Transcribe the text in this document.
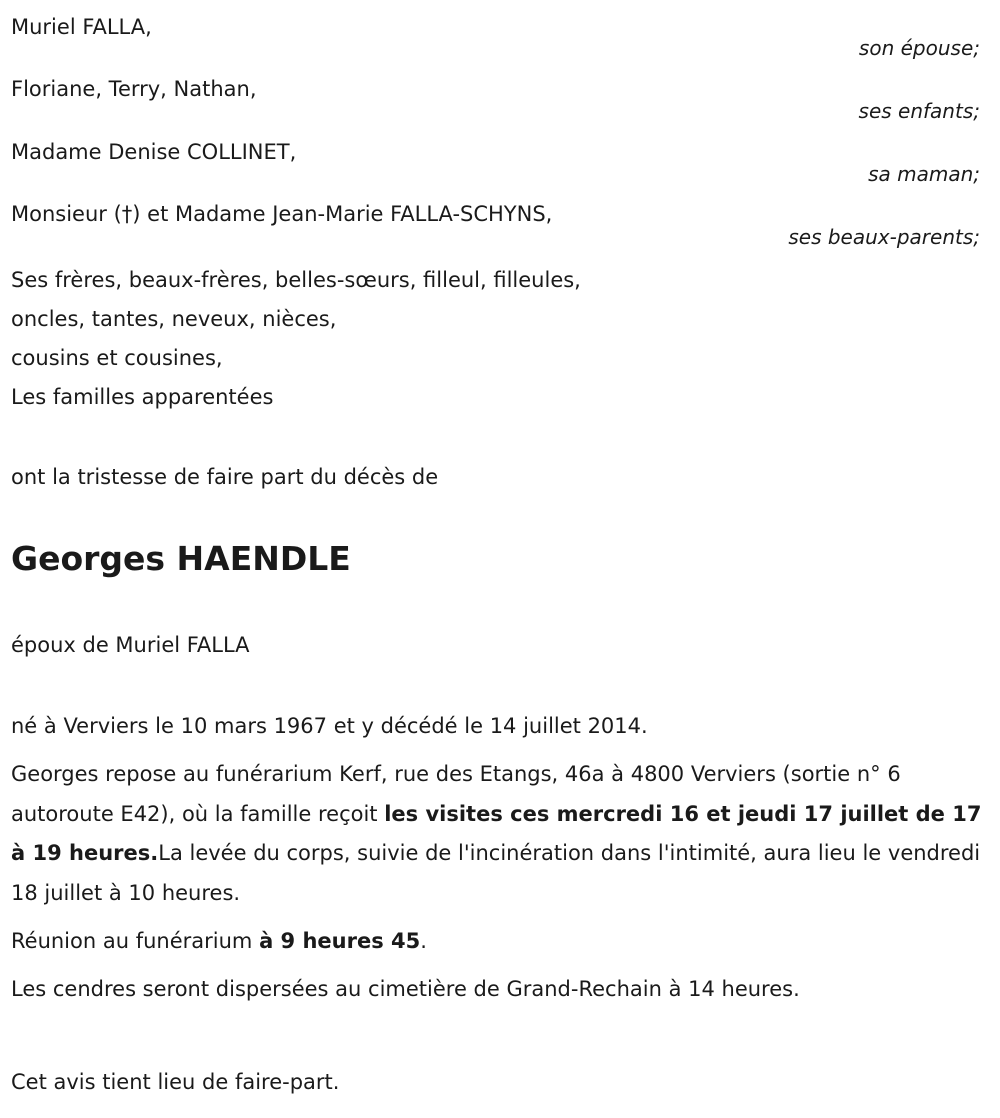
Muriel FALLA,
son épouse;
Floriane, Terry, Nathan,
ses enfants;
Madame Denise COLLINET,
sa maman;
Monsieur (†) et Madame Jean-Marie FALLA-SCHYNS,
ses beaux-parents;
Ses frères, beaux-frères, belles-sœurs, filleul, filleules,
oncles, tantes, neveux, nièces,
cousins et cousines,
Les familles apparentées
ont la tristesse de faire part du décès de
Georges HAENDLE
époux de Muriel FALLA
né à Verviers le 10 mars 1967 et y décédé le 14 juillet 2014.
Georges repose au funérarium Kerf, rue des Etangs, 46a à 4800 Verviers (sortie n° 6 autoroute E42), où la famille reçoit les visites ces mercredi 16 et jeudi 17 juillet de 17 à 19 heures.La levée du corps, suivie de l'incinération dans l'intimité, aura lieu le vendredi 18 juillet à 10 heures.
Réunion au funérarium à 9 heures 45.
Les cendres seront dispersées au cimetière de Grand-Rechain à 14 heures.
Cet avis tient lieu de faire-part.
